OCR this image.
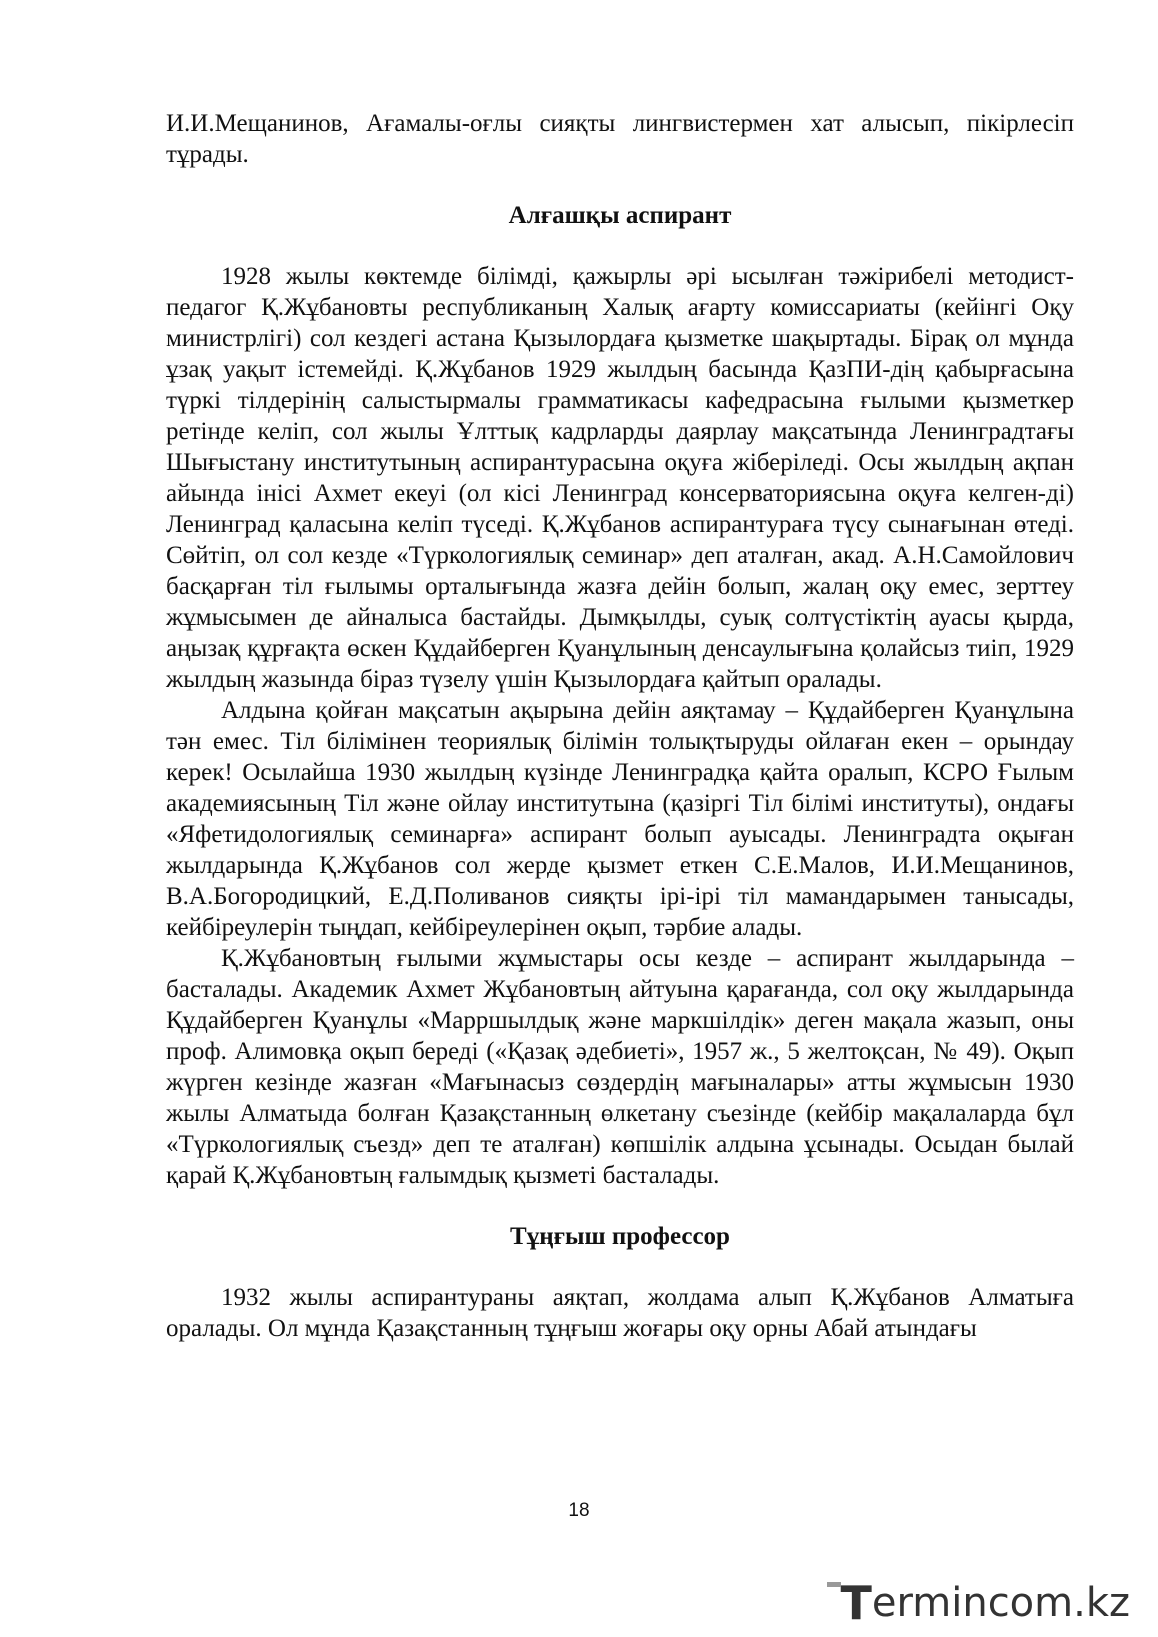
И.И.Мещанинов, Ағамалы-оғлы сияқты лингвистермен хат алысып, пікірлесіп тұрады.

Алғашқы аспирант

1928 жылы көктемде білімді, қажырлы әрі ысылған тәжірибелі методист-педагог Қ.Жұбановты республиканың Халық ағарту комиссариаты (кейінгі Оқу министрлігі) сол кездегі астана Қызылордаға қызметке шақыртады. Бірақ ол мұнда ұзақ уақыт істемейді. Қ.Жұбанов 1929 жылдың басында ҚазПИ-дің қабырғасына түркі тілдерінің салыстырмалы грамматикасы кафедрасына ғылыми қызметкер ретінде келіп, сол жылы Ұлттық кадрларды даярлау мақсатында Ленинградтағы Шығыстану институтының аспирантурасына оқуға жіберіледі. Осы жылдың ақпан айында інісі Ахмет екеуі (ол кісі Ленинград консерваториясына оқуға келген-ді) Ленинград қаласына келіп түседі. Қ.Жұбанов аспирантураға түсу сынағынан өтеді. Сөйтіп, ол сол кезде «Түркологиялық семинар» деп аталған, акад. А.Н.Самойлович басқарған тіл ғылымы орталығында жазға дейін болып, жалаң оқу емес, зерттеу жұмысымен де айналыса бастайды. Дымқылды, суық солтүстіктің ауасы қырда, аңызақ құрғақта өскен Құдайберген Қуанұлының денсаулығына қолайсыз тиіп, 1929 жылдың жазында біраз түзелу үшін Қызылордаға қайтып оралады.

Алдына қойған мақсатын ақырына дейін аяқтамау – Құдайберген Қуанұлына тән емес. Тіл білімінен теориялық білімін толықтыруды ойлаған екен – орындау керек! Осылайша 1930 жылдың күзінде Ленинградқа қайта оралып, КСРО Ғылым академиясының Тіл және ойлау институтына (қазіргі Тіл білімі институты), ондағы «Яфетидологиялық семинарға» аспирант болып ауысады. Ленинградта оқыған жылдарында Қ.Жұбанов сол жерде қызмет еткен С.Е.Малов, И.И.Мещанинов, В.А.Богородицкий, Е.Д.Поливанов сияқты ірі-ірі тіл мамандарымен танысады, кейбіреулерін тыңдап, кейбіреулерінен оқып, тәрбие алады.

Қ.Жұбановтың ғылыми жұмыстары осы кезде – аспирант жылдарында – басталады. Академик Ахмет Жұбановтың айтуына қарағанда, сол оқу жылдарында Құдайберген Қуанұлы «Марршылдық және маркшілдік» деген мақала жазып, оны проф. Алимовқа оқып береді («Қазақ әдебиеті», 1957 ж., 5 желтоқсан, № 49). Оқып жүрген кезінде жазған «Мағынасыз сөздердің мағыналары» атты жұмысын 1930 жылы Алматыда болған Қазақстанның өлкетану съезінде (кейбір мақалаларда бұл «Түркологиялық съезд» деп те аталған) көпшілік алдына ұсынады. Осыдан былай қарай Қ.Жұбановтың ғалымдық қызметі басталады.

Тұңғыш профессор

1932 жылы аспирантураны аяқтап, жолдама алып Қ.Жұбанов Алматыға оралады. Ол мұнда Қазақстанның тұңғыш жоғары оқу орны Абай атындағы

18
T ermincom.kz
